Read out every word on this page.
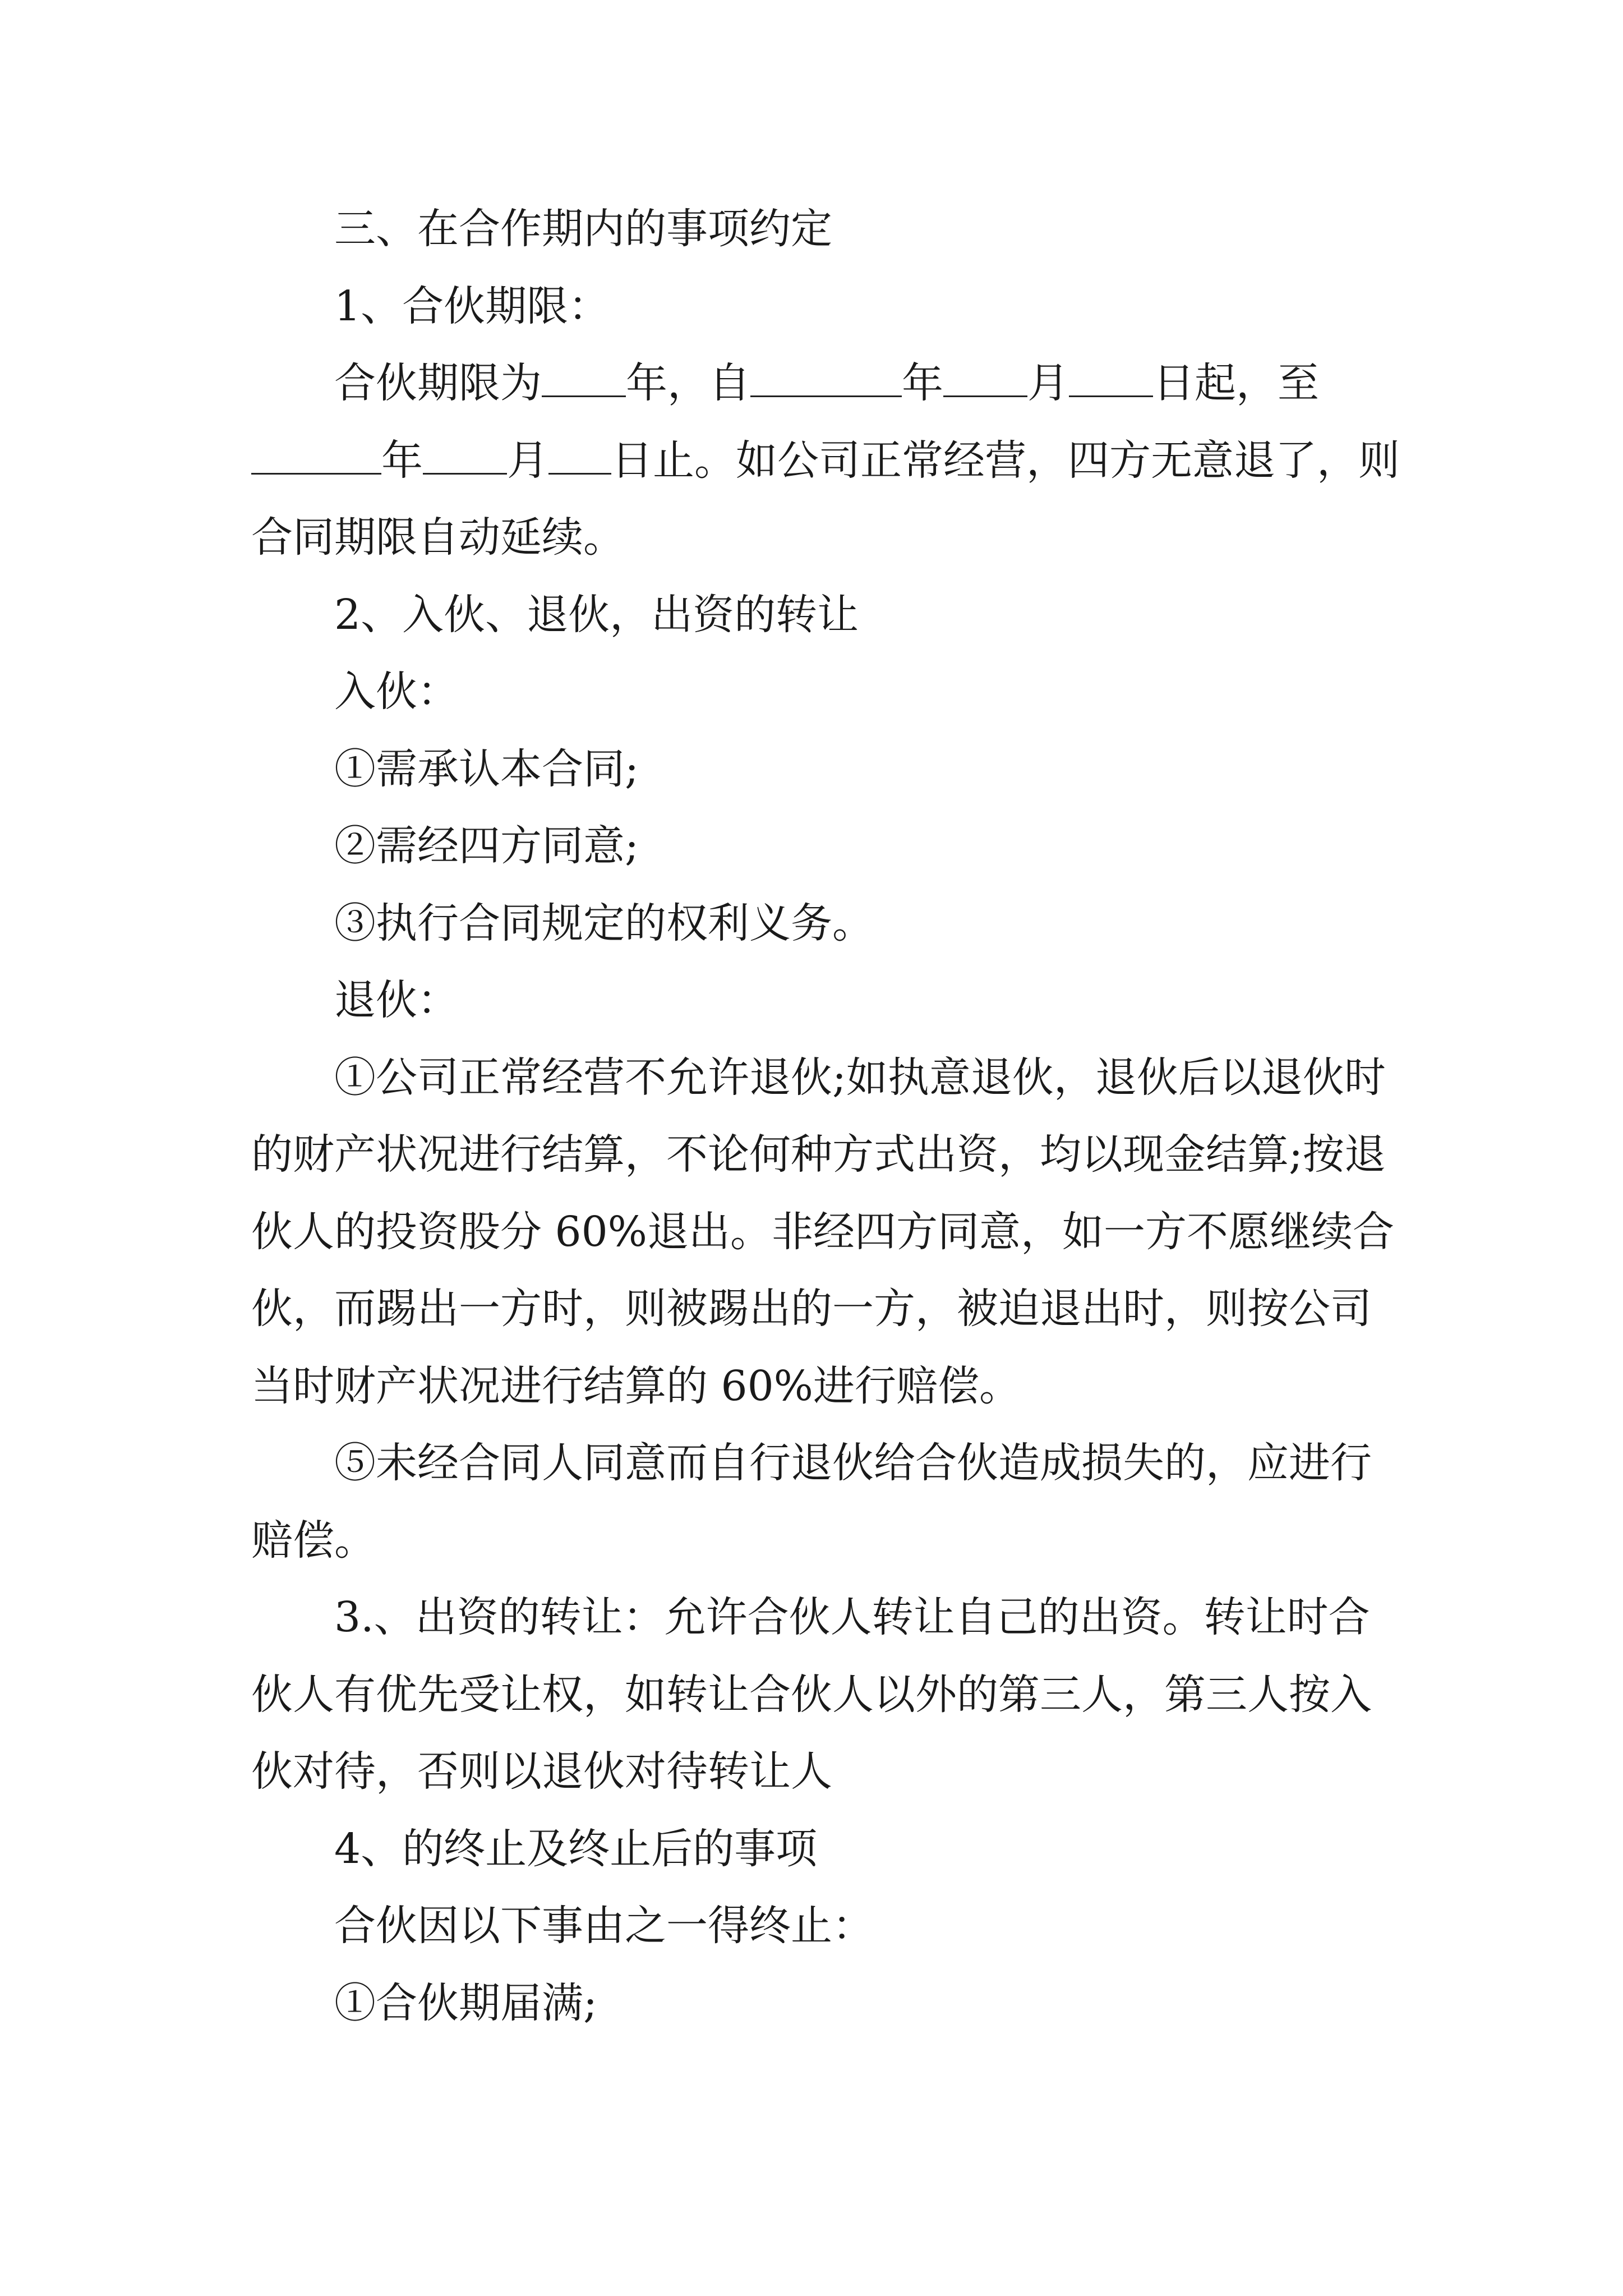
三、在合作期内的事项约定

1、合伙期限：

合伙期限为 年，自	年 月 日起，至年 月 日止。如公司正常经营，四方无意退了，则合同期限自动延续。

2、入伙、退伙，出资的转让

入伙：

①需承认本合同;

②需经四方同意;

③执行合同规定的权利义务。

退伙：

①公司正常经营不允许退伙;如执意退伙，退伙后以退伙时的财产状况进行结算，不论何种方式出资，均以现金结算;按退伙人的投资股分 60%退出。非经四方同意，如一方不愿继续合伙，而踢出一方时，则被踢出的一方，被迫退出时，则按公司当时财产状况进行结算的 60%进行赔偿。

⑤未经合同人同意而自行退伙给合伙造成损失的，应进行赔偿。

3.、出资的转让：允许合伙人转让自己的出资。转让时合伙人有优先受让权，如转让合伙人以外的第三人，第三人按入伙对待，否则以退伙对待转让人

4、的终止及终止后的事项

合伙因以下事由之一得终止：

①合伙期届满;
